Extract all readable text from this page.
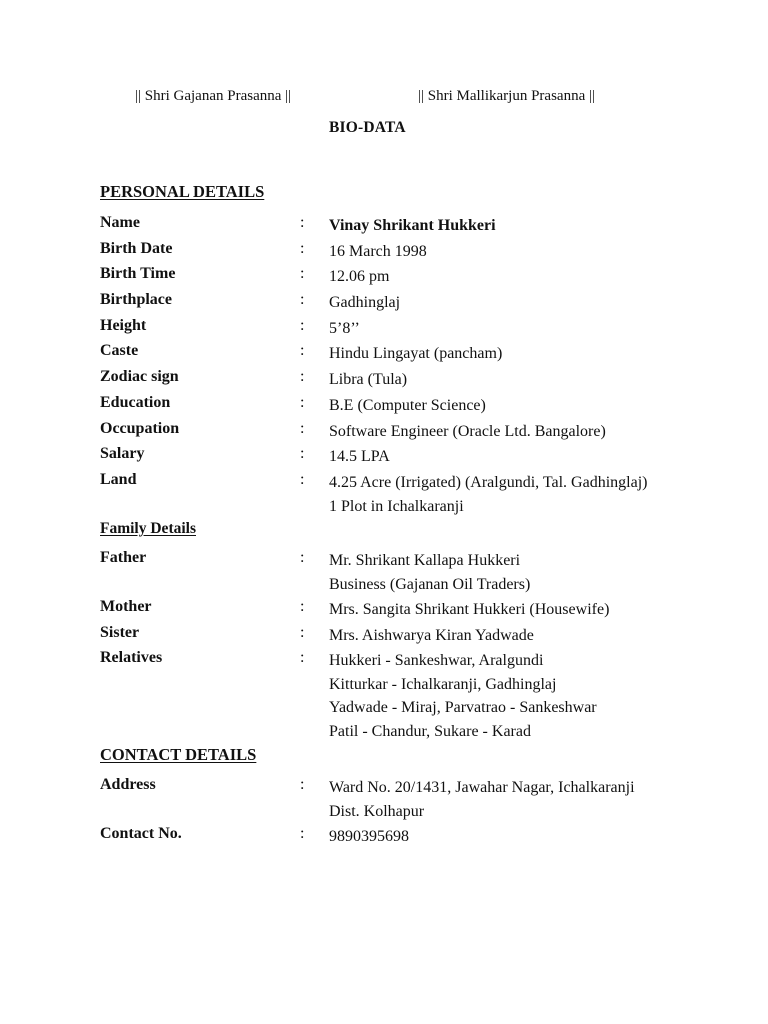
|| Shri Gajanan Prasanna ||	|| Shri Mallikarjun Prasanna ||
BIO-DATA
PERSONAL DETAILS
Name	: Vinay Shrikant Hukkeri
Birth Date	: 16 March 1998
Birth Time	: 12.06 pm
Birthplace	: Gadhinglaj
Height	: 5’8’’
Caste	: Hindu Lingayat (pancham)
Zodiac sign	: Libra (Tula)
Education	: B.E (Computer Science)
Occupation	: Software Engineer (Oracle Ltd. Bangalore)
Salary	: 14.5 LPA
Land	: 4.25 Acre (Irrigated) (Aralgundi, Tal. Gadhinglaj)
1 Plot in Ichalkaranji
Family Details
Father	: Mr. Shrikant Kallapa Hukkeri
Business (Gajanan Oil Traders)
Mother	: Mrs. Sangita Shrikant Hukkeri (Housewife)
Sister	: Mrs. Aishwarya Kiran Yadwade
Relatives	: Hukkeri - Sankeshwar, Aralgundi
Kitturkar - Ichalkaranji, Gadhinglaj
Yadwade - Miraj, Parvatrao - Sankeshwar
Patil - Chandur, Sukare - Karad
CONTACT DETAILS
Address	: Ward No. 20/1431, Jawahar Nagar, Ichalkaranji
Dist. Kolhapur
Contact No.	: 9890395698
